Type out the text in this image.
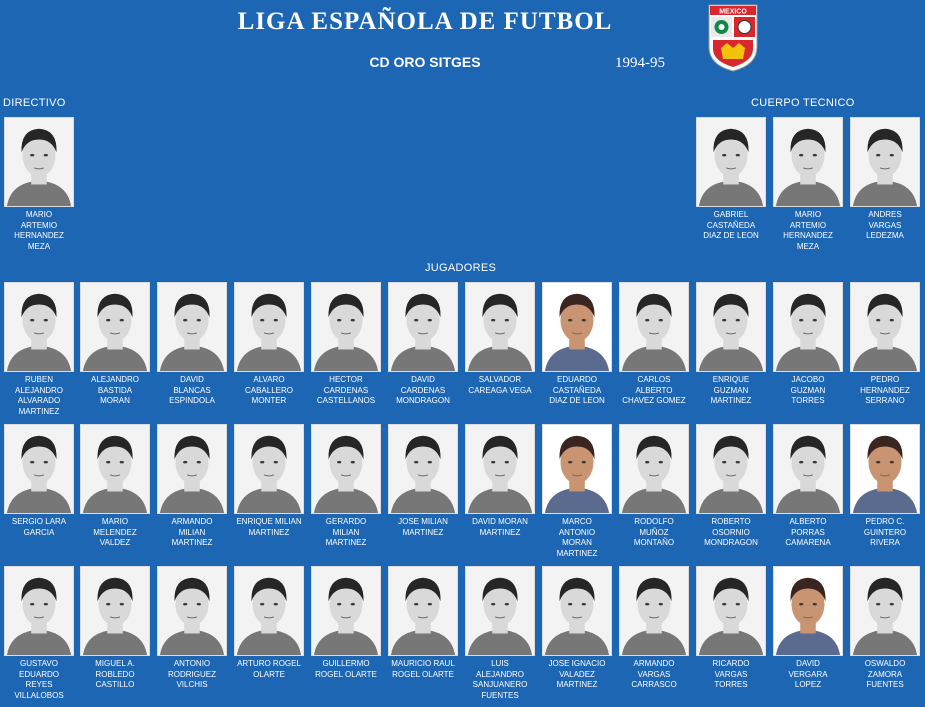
LIGA ESPAÑOLA DE FUTBOL
CD ORO SITGES	1994-95
MEXICO
DIRECTIVO	CUERPO TECNICO
JUGADORES
MARIO
ARTEMIO
HERNANDEZ
MEZA
GABRIEL
CASTAÑEDA
DIAZ DE LEON
MARIO
ARTEMIO
HERNANDEZ
MEZA
ANDRES
VARGAS
LEDEZMA
RUBEN
ALEJANDRO
ALVARADO
MARTINEZ
ALEJANDRO
BASTIDA
MORAN
DAVID
BLANCAS
ESPINDOLA
ALVARO
CABALLERO
MONTER
HECTOR
CARDENAS
CASTELLANOS
DAVID
CARDENAS
MONDRAGON
SALVADOR
CAREAGA VEGA
EDUARDO
CASTAÑEDA
DIAZ DE LEON
CARLOS
ALBERTO
CHAVEZ GOMEZ
ENRIQUE
GUZMAN
MARTINEZ
JACOBO
GUZMAN
TORRES
PEDRO
HERNANDEZ
SERRANO
SERGIO LARA
GARCIA
MARIO
MELENDEZ
VALDEZ
ARMANDO
MILIAN
MARTINEZ
ENRIQUE MILIAN
MARTINEZ
GERARDO
MILIAN
MARTINEZ
JOSE MILIAN
MARTINEZ
DAVID MORAN
MARTINEZ
MARCO
ANTONIO
MORAN
MARTINEZ
RODOLFO
MUÑOZ
MONTAÑO
ROBERTO
OSORNIO
MONDRAGON
ALBERTO
PORRAS
CAMARENA
PEDRO C.
GUINTERO
RIVERA
GUSTAVO
EDUARDO
REYES
VILLALOBOS
MIGUEL A.
ROBLEDO
CASTILLO
ANTONIO
RODRIGUEZ
VILCHIS
ARTURO ROGEL
OLARTE
GUILLERMO
ROGEL OLARTE
MAURICIO RAUL
ROGEL OLARTE
LUIS
ALEJANDRO
SANJUANERO
FUENTES
JOSE IGNACIO
VALADEZ
MARTINEZ
ARMANDO
VARGAS
CARRASCO
RICARDO
VARGAS
TORRES
DAVID
VERGARA
LOPEZ
OSWALDO
ZAMORA
FUENTES
